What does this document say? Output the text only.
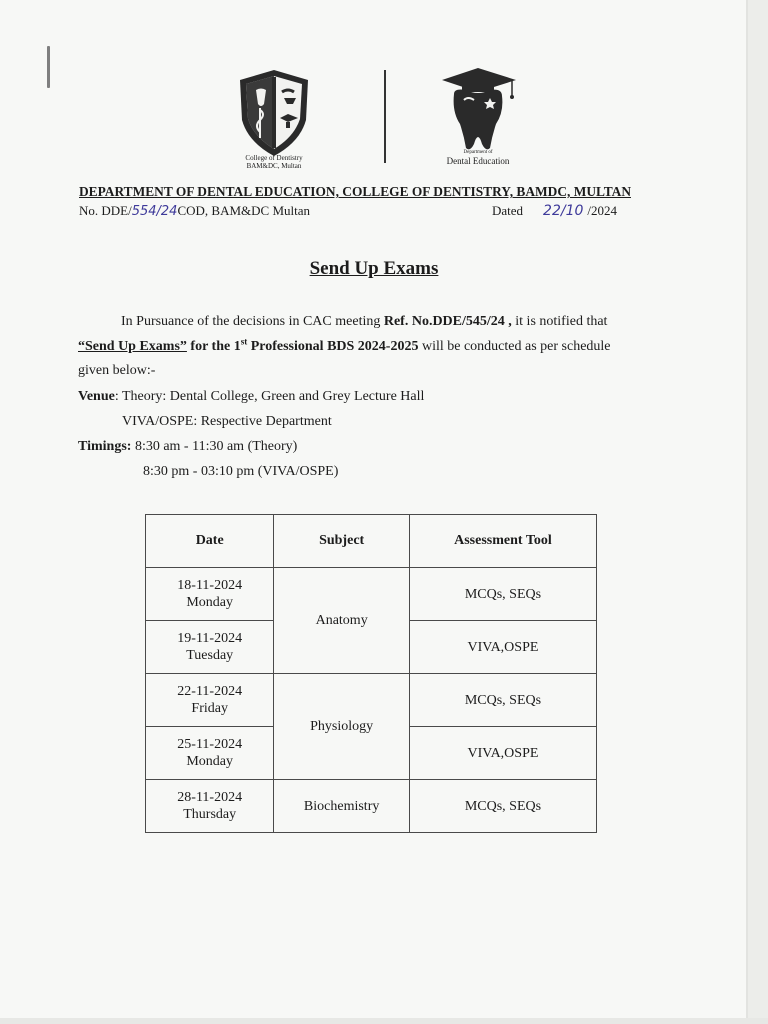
College of Dentistry
BAM&DC, Multan
Department of
Dental Education
DEPARTMENT OF DENTAL EDUCATION, COLLEGE OF DENTISTRY, BAMDC, MULTAN
No. DDE/554/24COD, BAM&DC Multan	Dated 22/10 /2024
Send Up Exams
In Pursuance of the decisions in CAC meeting Ref. No.DDE/545/24 , it is notified that
“Send Up Exams” for the 1st Professional BDS 2024-2025 will be conducted as per schedule
given below:-
Venue: Theory: Dental College, Green and Grey Lecture Hall
VIVA/OSPE: Respective Department
Timings: 8:30 am - 11:30 am (Theory)
8:30 pm - 03:10 pm (VIVA/OSPE)
Date	Subject	Assessment Tool

18-11-2024
Monday	Anatomy	MCQs, SEQs

19-11-2024
Tuesday		VIVA,OSPE

22-11-2024
Friday	Physiology	MCQs, SEQs

25-11-2024
Monday		VIVA,OSPE

28-11-2024
Thursday	Biochemistry	MCQs, SEQs
